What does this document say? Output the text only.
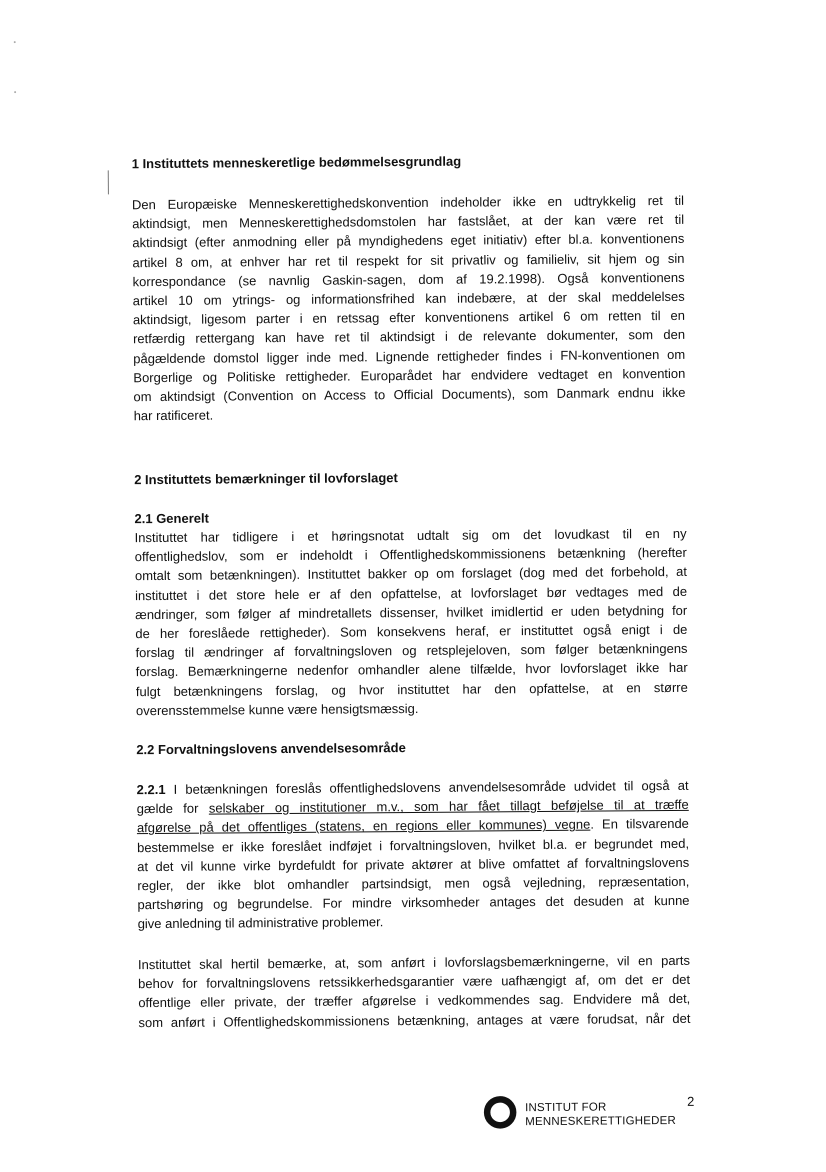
1 Instituttets menneskeretlige bedømmelsesgrundlag
Den Europæiske Menneskerettighedskonvention indeholder ikke en udtrykkelig ret til
aktindsigt, men Menneskerettighedsdomstolen har fastslået, at der kan være ret til
aktindsigt (efter anmodning eller på myndighedens eget initiativ) efter bl.a. konventionens
artikel 8 om, at enhver har ret til respekt for sit privatliv og familieliv, sit hjem og sin
korrespondance (se navnlig Gaskin-sagen, dom af 19.2.1998). Også konventionens
artikel 10 om ytrings- og informationsfrihed kan indebære, at der skal meddelelses
aktindsigt, ligesom parter i en retssag efter konventionens artikel 6 om retten til en
retfærdig rettergang kan have ret til aktindsigt i de relevante dokumenter, som den
pågældende domstol ligger inde med. Lignende rettigheder findes i FN-konventionen om
Borgerlige og Politiske rettigheder. Europarådet har endvidere vedtaget en konvention
om aktindsigt (Convention on Access to Official Documents), som Danmark endnu ikke
har ratificeret.
2 Instituttets bemærkninger til lovforslaget
2.1 Generelt
Instituttet har tidligere i et høringsnotat udtalt sig om det lovudkast til en ny
offentlighedslov, som er indeholdt i Offentlighedskommissionens betænkning (herefter
omtalt som betænkningen). Instituttet bakker op om forslaget (dog med det forbehold, at
instituttet i det store hele er af den opfattelse, at lovforslaget bør vedtages med de
ændringer, som følger af mindretallets dissenser, hvilket imidlertid er uden betydning for
de her foreslåede rettigheder). Som konsekvens heraf, er instituttet også enigt i de
forslag til ændringer af forvaltningsloven og retsplejeloven, som følger betænkningens
forslag. Bemærkningerne nedenfor omhandler alene tilfælde, hvor lovforslaget ikke har
fulgt betænkningens forslag, og hvor instituttet har den opfattelse, at en større
overensstemmelse kunne være hensigtsmæssig.
2.2 Forvaltningslovens anvendelsesområde
2.2.1 I betænkningen foreslås offentlighedslovens anvendelsesområde udvidet til også at
gælde for selskaber og institutioner m.v., som har fået tillagt beføjelse til at træffe
afgørelse på det offentliges (statens, en regions eller kommunes) vegne. En tilsvarende
bestemmelse er ikke foreslået indføjet i forvaltningsloven, hvilket bl.a. er begrundet med,
at det vil kunne virke byrdefuldt for private aktører at blive omfattet af forvaltningslovens
regler, der ikke blot omhandler partsindsigt, men også vejledning, repræsentation,
partshøring og begrundelse. For mindre virksomheder antages det desuden at kunne
give anledning til administrative problemer.
Instituttet skal hertil bemærke, at, som anført i lovforslagsbemærkningerne, vil en parts
behov for forvaltningslovens retssikkerhedsgarantier være uafhængigt af, om det er det
offentlige eller private, der træffer afgørelse i vedkommendes sag. Endvidere må det,
som anført i Offentlighedskommissionens betænkning, antages at være forudsat, når det
INSTITUT FOR
MENNESKERETTIGHEDER
2
